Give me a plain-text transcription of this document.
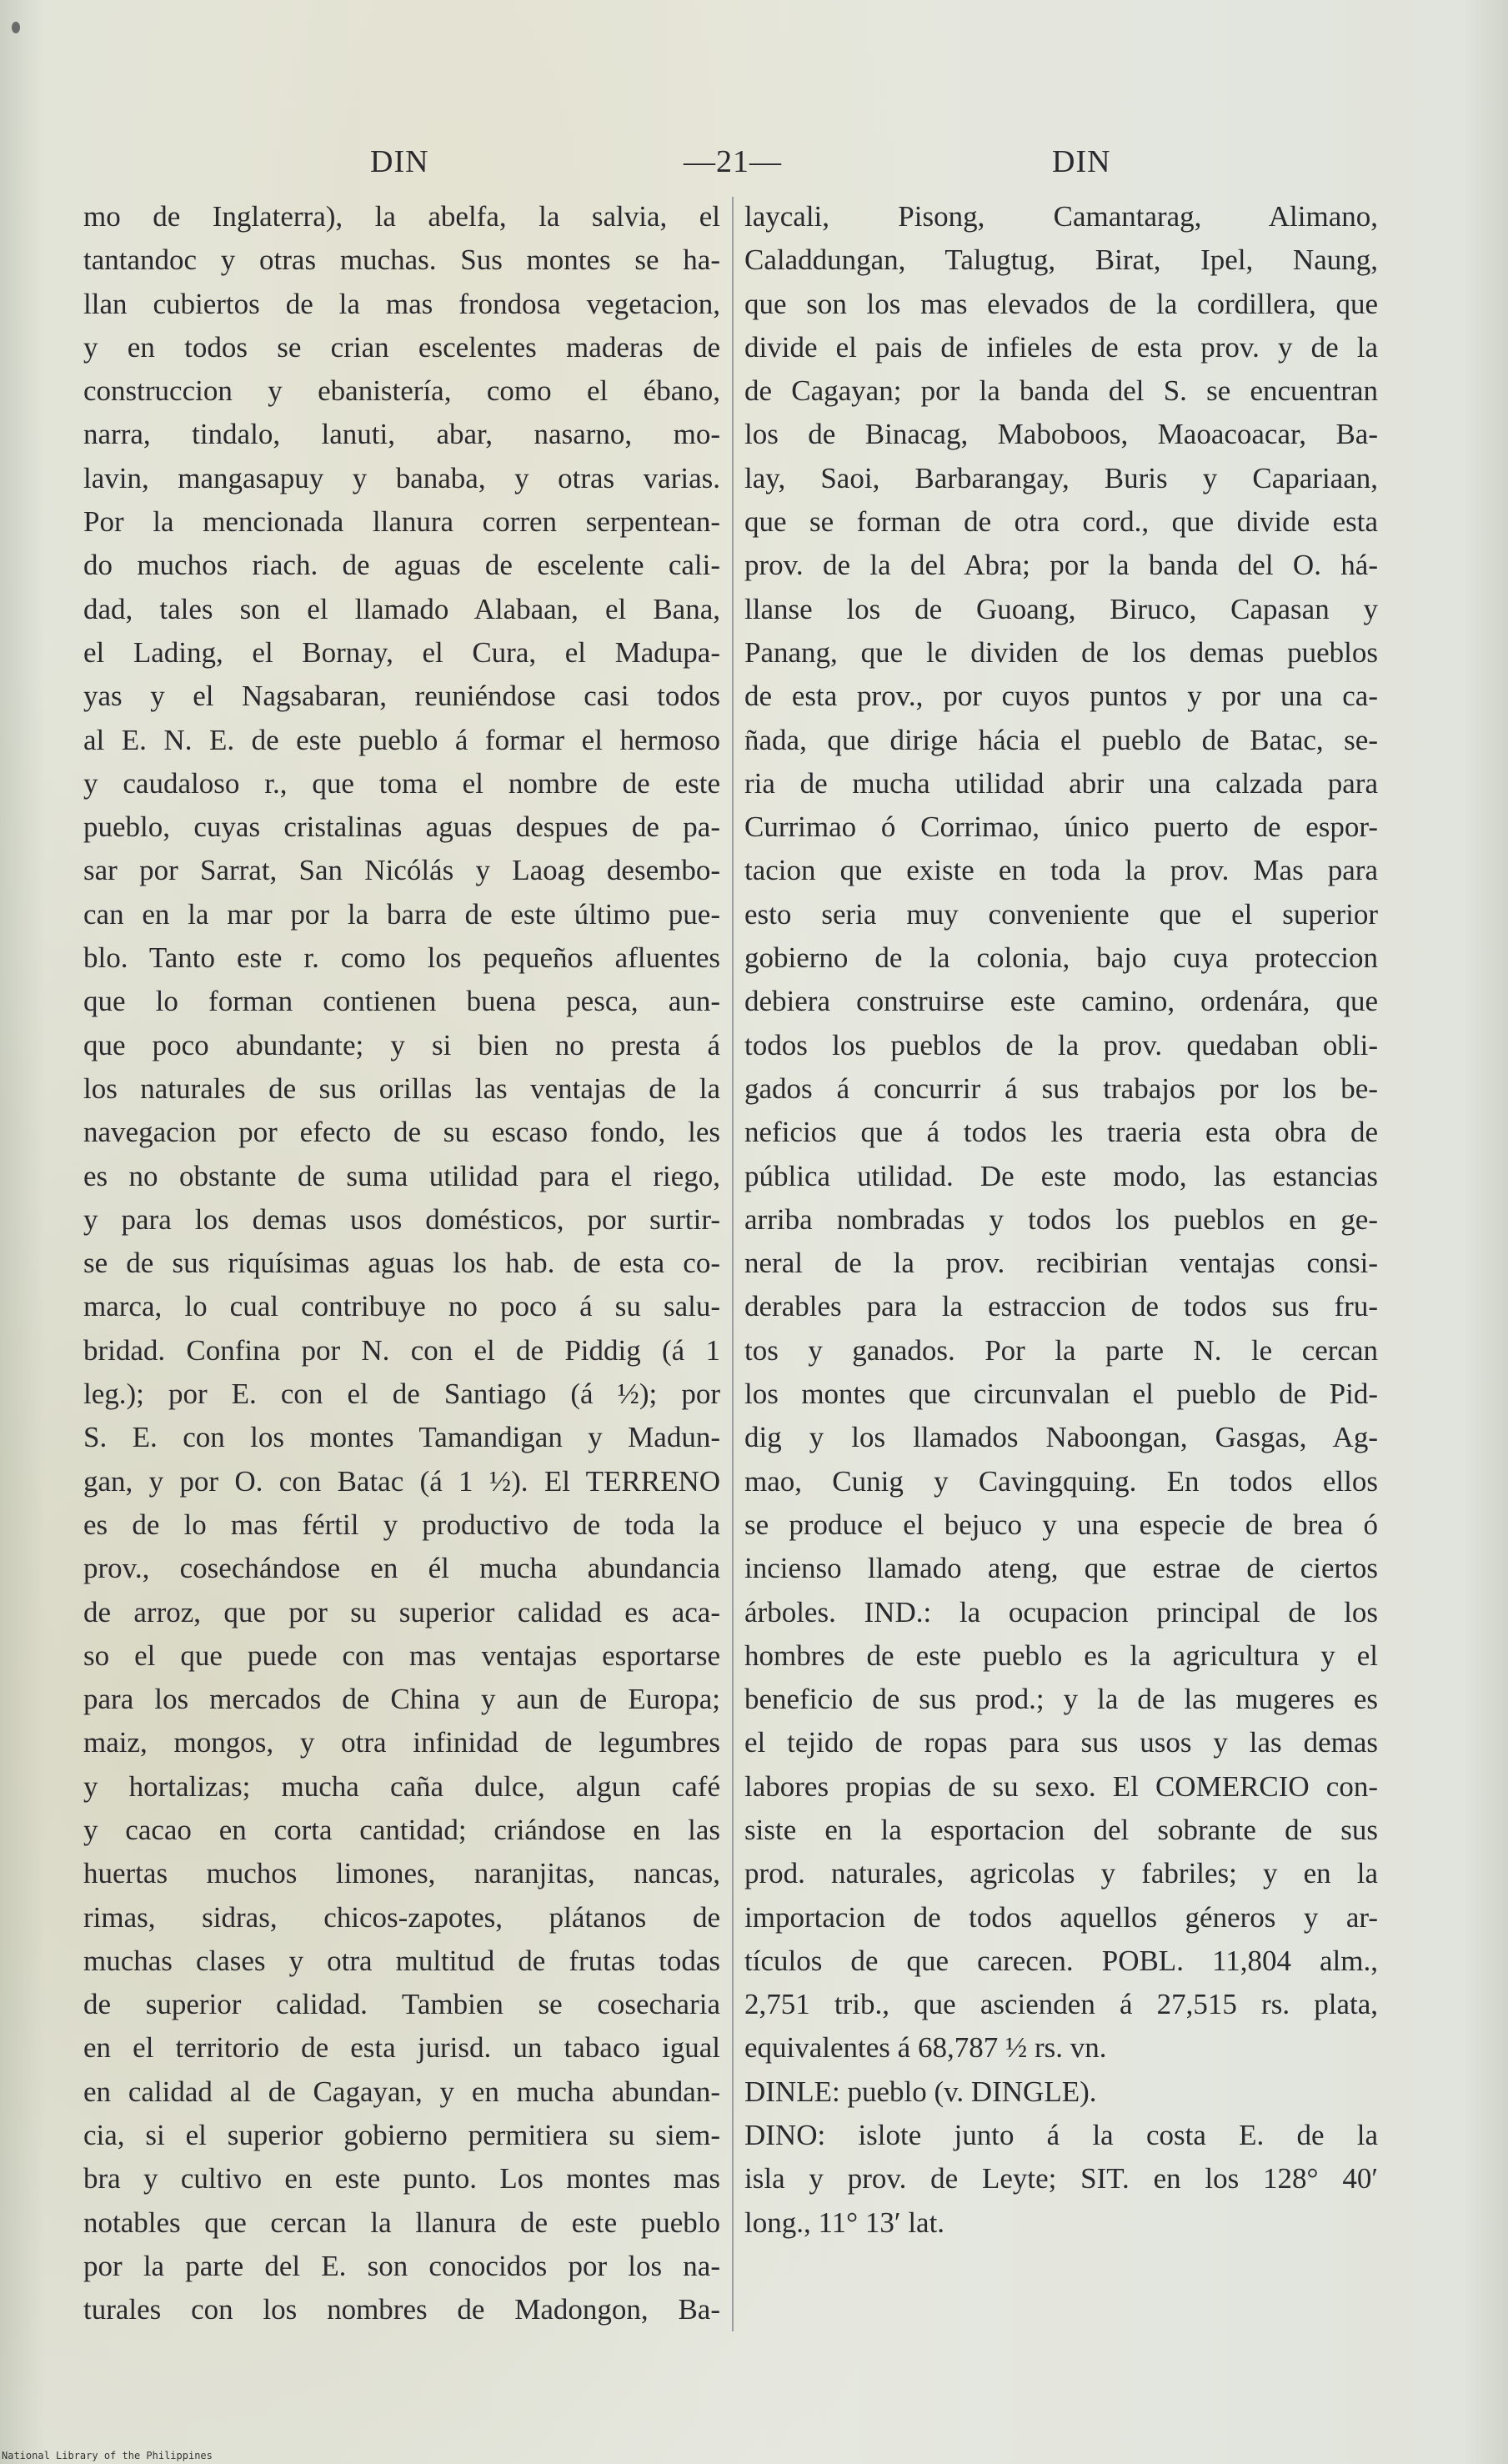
DIN	—21—	DIN
mo de Inglaterra), la abelfa, la salvia, el
tantandoc y otras muchas. Sus montes se ha-
llan cubiertos de la mas frondosa vegetacion,
y en todos se crian escelentes maderas de
construccion y ebanistería, como el ébano,
narra, tindalo, lanuti, abar, nasarno, mo-
lavin, mangasapuy y banaba, y otras varias.
Por la mencionada llanura corren serpentean-
do muchos riach. de aguas de escelente cali-
dad, tales son el llamado Alabaan, el Bana,
el Lading, el Bornay, el Cura, el Madupa-
yas y el Nagsabaran, reuniéndose casi todos
al E. N. E. de este pueblo á formar el hermoso
y caudaloso r., que toma el nombre de este
pueblo, cuyas cristalinas aguas despues de pa-
sar por Sarrat, San Nicólás y Laoag desembo-
can en la mar por la barra de este último pue-
blo. Tanto este r. como los pequeños afluentes
que lo forman contienen buena pesca, aun-
que poco abundante; y si bien no presta á
los naturales de sus orillas las ventajas de la
navegacion por efecto de su escaso fondo, les
es no obstante de suma utilidad para el riego,
y para los demas usos domésticos, por surtir-
se de sus riquísimas aguas los hab. de esta co-
marca, lo cual contribuye no poco á su salu-
bridad. Confina por N. con el de Piddig (á 1
leg.); por E. con el de Santiago (á ½); por
S. E. con los montes Tamandigan y Madun-
gan, y por O. con Batac (á 1 ½). El TERRENO
es de lo mas fértil y productivo de toda la
prov., cosechándose en él mucha abundancia
de arroz, que por su superior calidad es aca-
so el que puede con mas ventajas esportarse
para los mercados de China y aun de Europa;
maiz, mongos, y otra infinidad de legumbres
y hortalizas; mucha caña dulce, algun café
y cacao en corta cantidad; criándose en las
huertas muchos limones, naranjitas, nancas,
rimas, sidras, chicos-zapotes, plátanos de
muchas clases y otra multitud de frutas todas
de superior calidad. Tambien se cosecharia
en el territorio de esta jurisd. un tabaco igual
en calidad al de Cagayan, y en mucha abundan-
cia, si el superior gobierno permitiera su siem-
bra y cultivo en este punto. Los montes mas
notables que cercan la llanura de este pueblo
por la parte del E. son conocidos por los na-
turales con los nombres de Madongon, Ba-
laycali, Pisong, Camantarag, Alimano,
Caladdungan, Talugtug, Birat, Ipel, Naung,
que son los mas elevados de la cordillera, que
divide el pais de infieles de esta prov. y de la
de Cagayan; por la banda del S. se encuentran
los de Binacag, Maboboos, Maoacoacar, Ba-
lay, Saoi, Barbarangay, Buris y Capariaan,
que se forman de otra cord., que divide esta
prov. de la del Abra; por la banda del O. há-
llanse los de Guoang, Biruco, Capasan y
Panang, que le dividen de los demas pueblos
de esta prov., por cuyos puntos y por una ca-
ñada, que dirige hácia el pueblo de Batac, se-
ria de mucha utilidad abrir una calzada para
Currimao ó Corrimao, único puerto de espor-
tacion que existe en toda la prov. Mas para
esto seria muy conveniente que el superior
gobierno de la colonia, bajo cuya proteccion
debiera construirse este camino, ordenára, que
todos los pueblos de la prov. quedaban obli-
gados á concurrir á sus trabajos por los be-
neficios que á todos les traeria esta obra de
pública utilidad. De este modo, las estancias
arriba nombradas y todos los pueblos en ge-
neral de la prov. recibirian ventajas consi-
derables para la estraccion de todos sus fru-
tos y ganados. Por la parte N. le cercan
los montes que circunvalan el pueblo de Pid-
dig y los llamados Naboongan, Gasgas, Ag-
mao, Cunig y Cavingquing. En todos ellos
se produce el bejuco y una especie de brea ó
incienso llamado ateng, que estrae de ciertos
árboles. IND.: la ocupacion principal de los
hombres de este pueblo es la agricultura y el
beneficio de sus prod.; y la de las mugeres es
el tejido de ropas para sus usos y las demas
labores propias de su sexo. El COMERCIO con-
siste en la esportacion del sobrante de sus
prod. naturales, agricolas y fabriles; y en la
importacion de todos aquellos géneros y ar-
tículos de que carecen. POBL. 11,804 alm.,
2,751 trib., que ascienden á 27,515 rs. plata,
equivalentes á 68,787 ½ rs. vn.
DINLE: pueblo (v. DINGLE).
DINO: islote junto á la costa E. de la
isla y prov. de Leyte; SIT. en los 128° 40′
long., 11° 13′ lat.
National Library of the Philippines
